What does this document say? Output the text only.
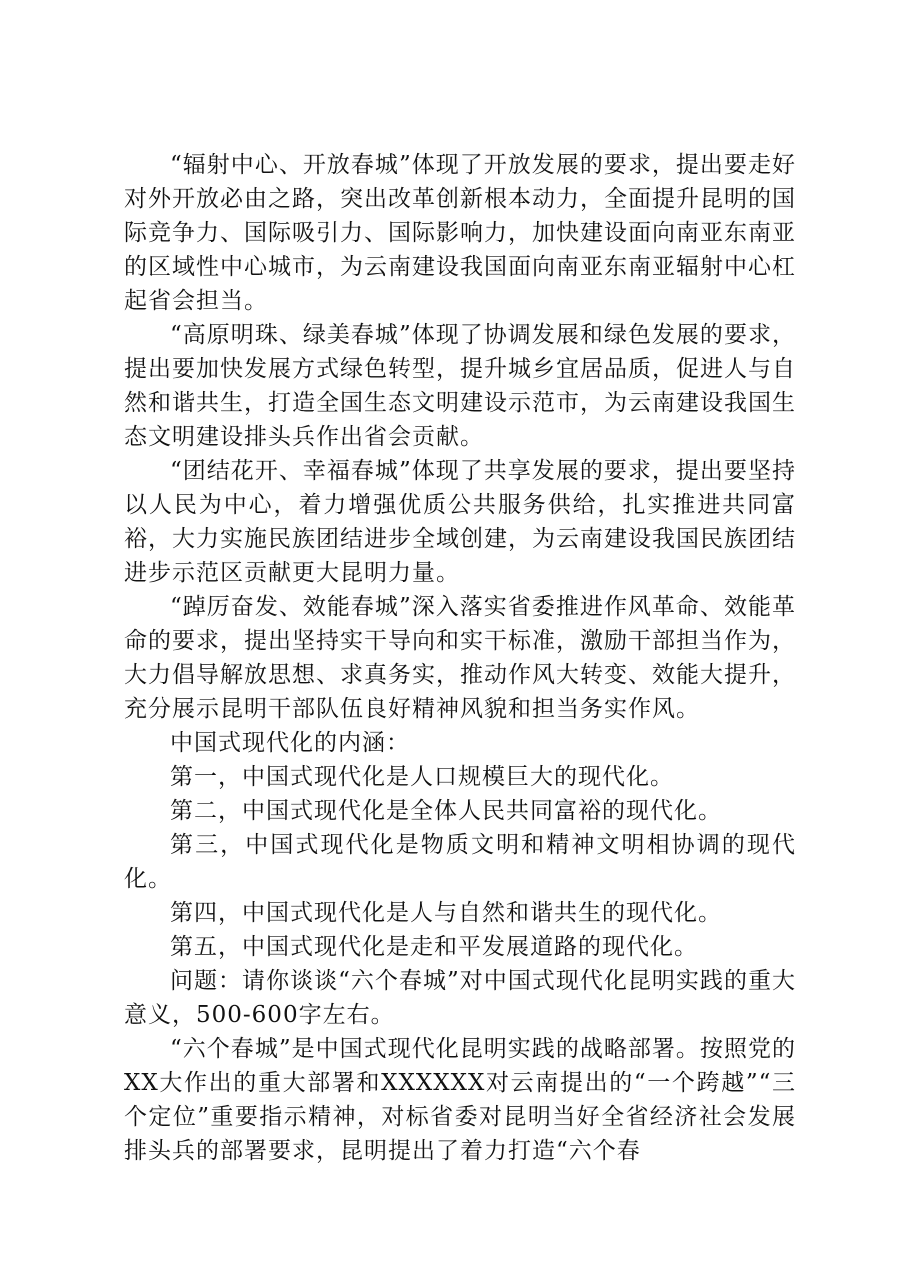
“辐射中心、开放春城”体现了开放发展的要求，提出要走好对外开放必由之路，突出改革创新根本动力，全面提升昆明的国际竞争力、国际吸引力、国际影响力，加快建设面向南亚东南亚的区域性中心城市，为云南建设我国面向南亚东南亚辐射中心杠起省会担当。

“高原明珠、绿美春城”体现了协调发展和绿色发展的要求，提出要加快发展方式绿色转型，提升城乡宜居品质，促进人与自然和谐共生，打造全国生态文明建设示范市，为云南建设我国生态文明建设排头兵作出省会贡献。

“团结花开、幸福春城”体现了共享发展的要求，提出要坚持以人民为中心，着力增强优质公共服务供给，扎实推进共同富裕，大力实施民族团结进步全域创建，为云南建设我国民族团结进步示范区贡献更大昆明力量。

“踔厉奋发、效能春城”深入落实省委推进作风革命、效能革命的要求，提出坚持实干导向和实干标准，激励干部担当作为，大力倡导解放思想、求真务实，推动作风大转变、效能大提升，充分展示昆明干部队伍良好精神风貌和担当务实作风。

中国式现代化的内涵：

第一，中国式现代化是人口规模巨大的现代化。

第二，中国式现代化是全体人民共同富裕的现代化。

第三，中国式现代化是物质文明和精神文明相协调的现代化。

第四，中国式现代化是人与自然和谐共生的现代化。

第五，中国式现代化是走和平发展道路的现代化。

问题：请你谈谈“六个春城”对中国式现代化昆明实践的重大意义，500-600字左右。

“六个春城”是中国式现代化昆明实践的战略部署。按照党的XX大作出的重大部署和XXXXXX对云南提出的“一个跨越”“三个定位”重要指示精神，对标省委对昆明当好全省经济社会发展排头兵的部署要求，昆明提出了着力打造“六个春
